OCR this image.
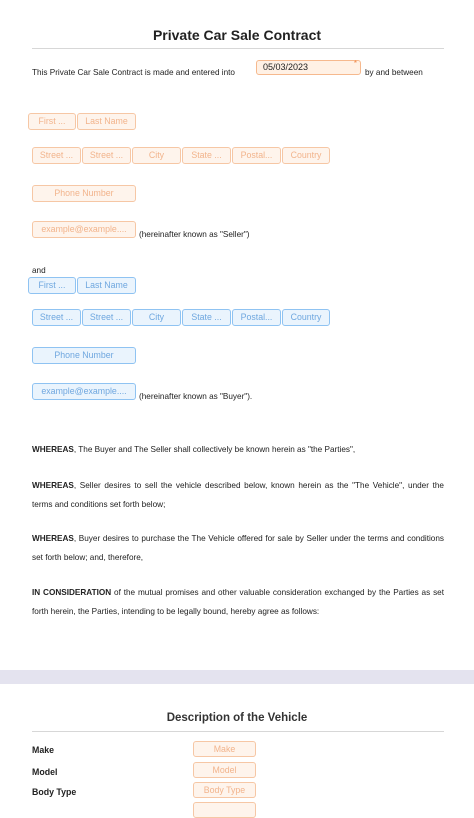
Private Car Sale Contract
This Private Car Sale Contract is made and entered into
05/03/2023	*
by and between
First ...	Last Name
Street ...	Street ...	City	State ...	Postal...	Country
Phone Number
example@example....
(hereinafter known as "Seller")
and
First ...	Last Name
Street ...	Street ...	City	State ...	Postal...	Country
Phone Number
example@example....
(hereinafter known as "Buyer").
WHEREAS, The Buyer and The Seller shall collectively be known herein as "the Parties",
WHEREAS, Seller desires to sell the vehicle described below, known herein as the "The Vehicle", under the terms and conditions set forth below;
WHEREAS, Buyer desires to purchase the The Vehicle offered for sale by Seller under the terms and conditions set forth below; and, therefore,
IN CONSIDERATION of the mutual promises and other valuable consideration exchanged by the Parties as set forth herein, the Parties, intending to be legally bound, hereby agree as follows:
Description of the Vehicle
Make	Make
Model	Model
Body Type	Body Type
